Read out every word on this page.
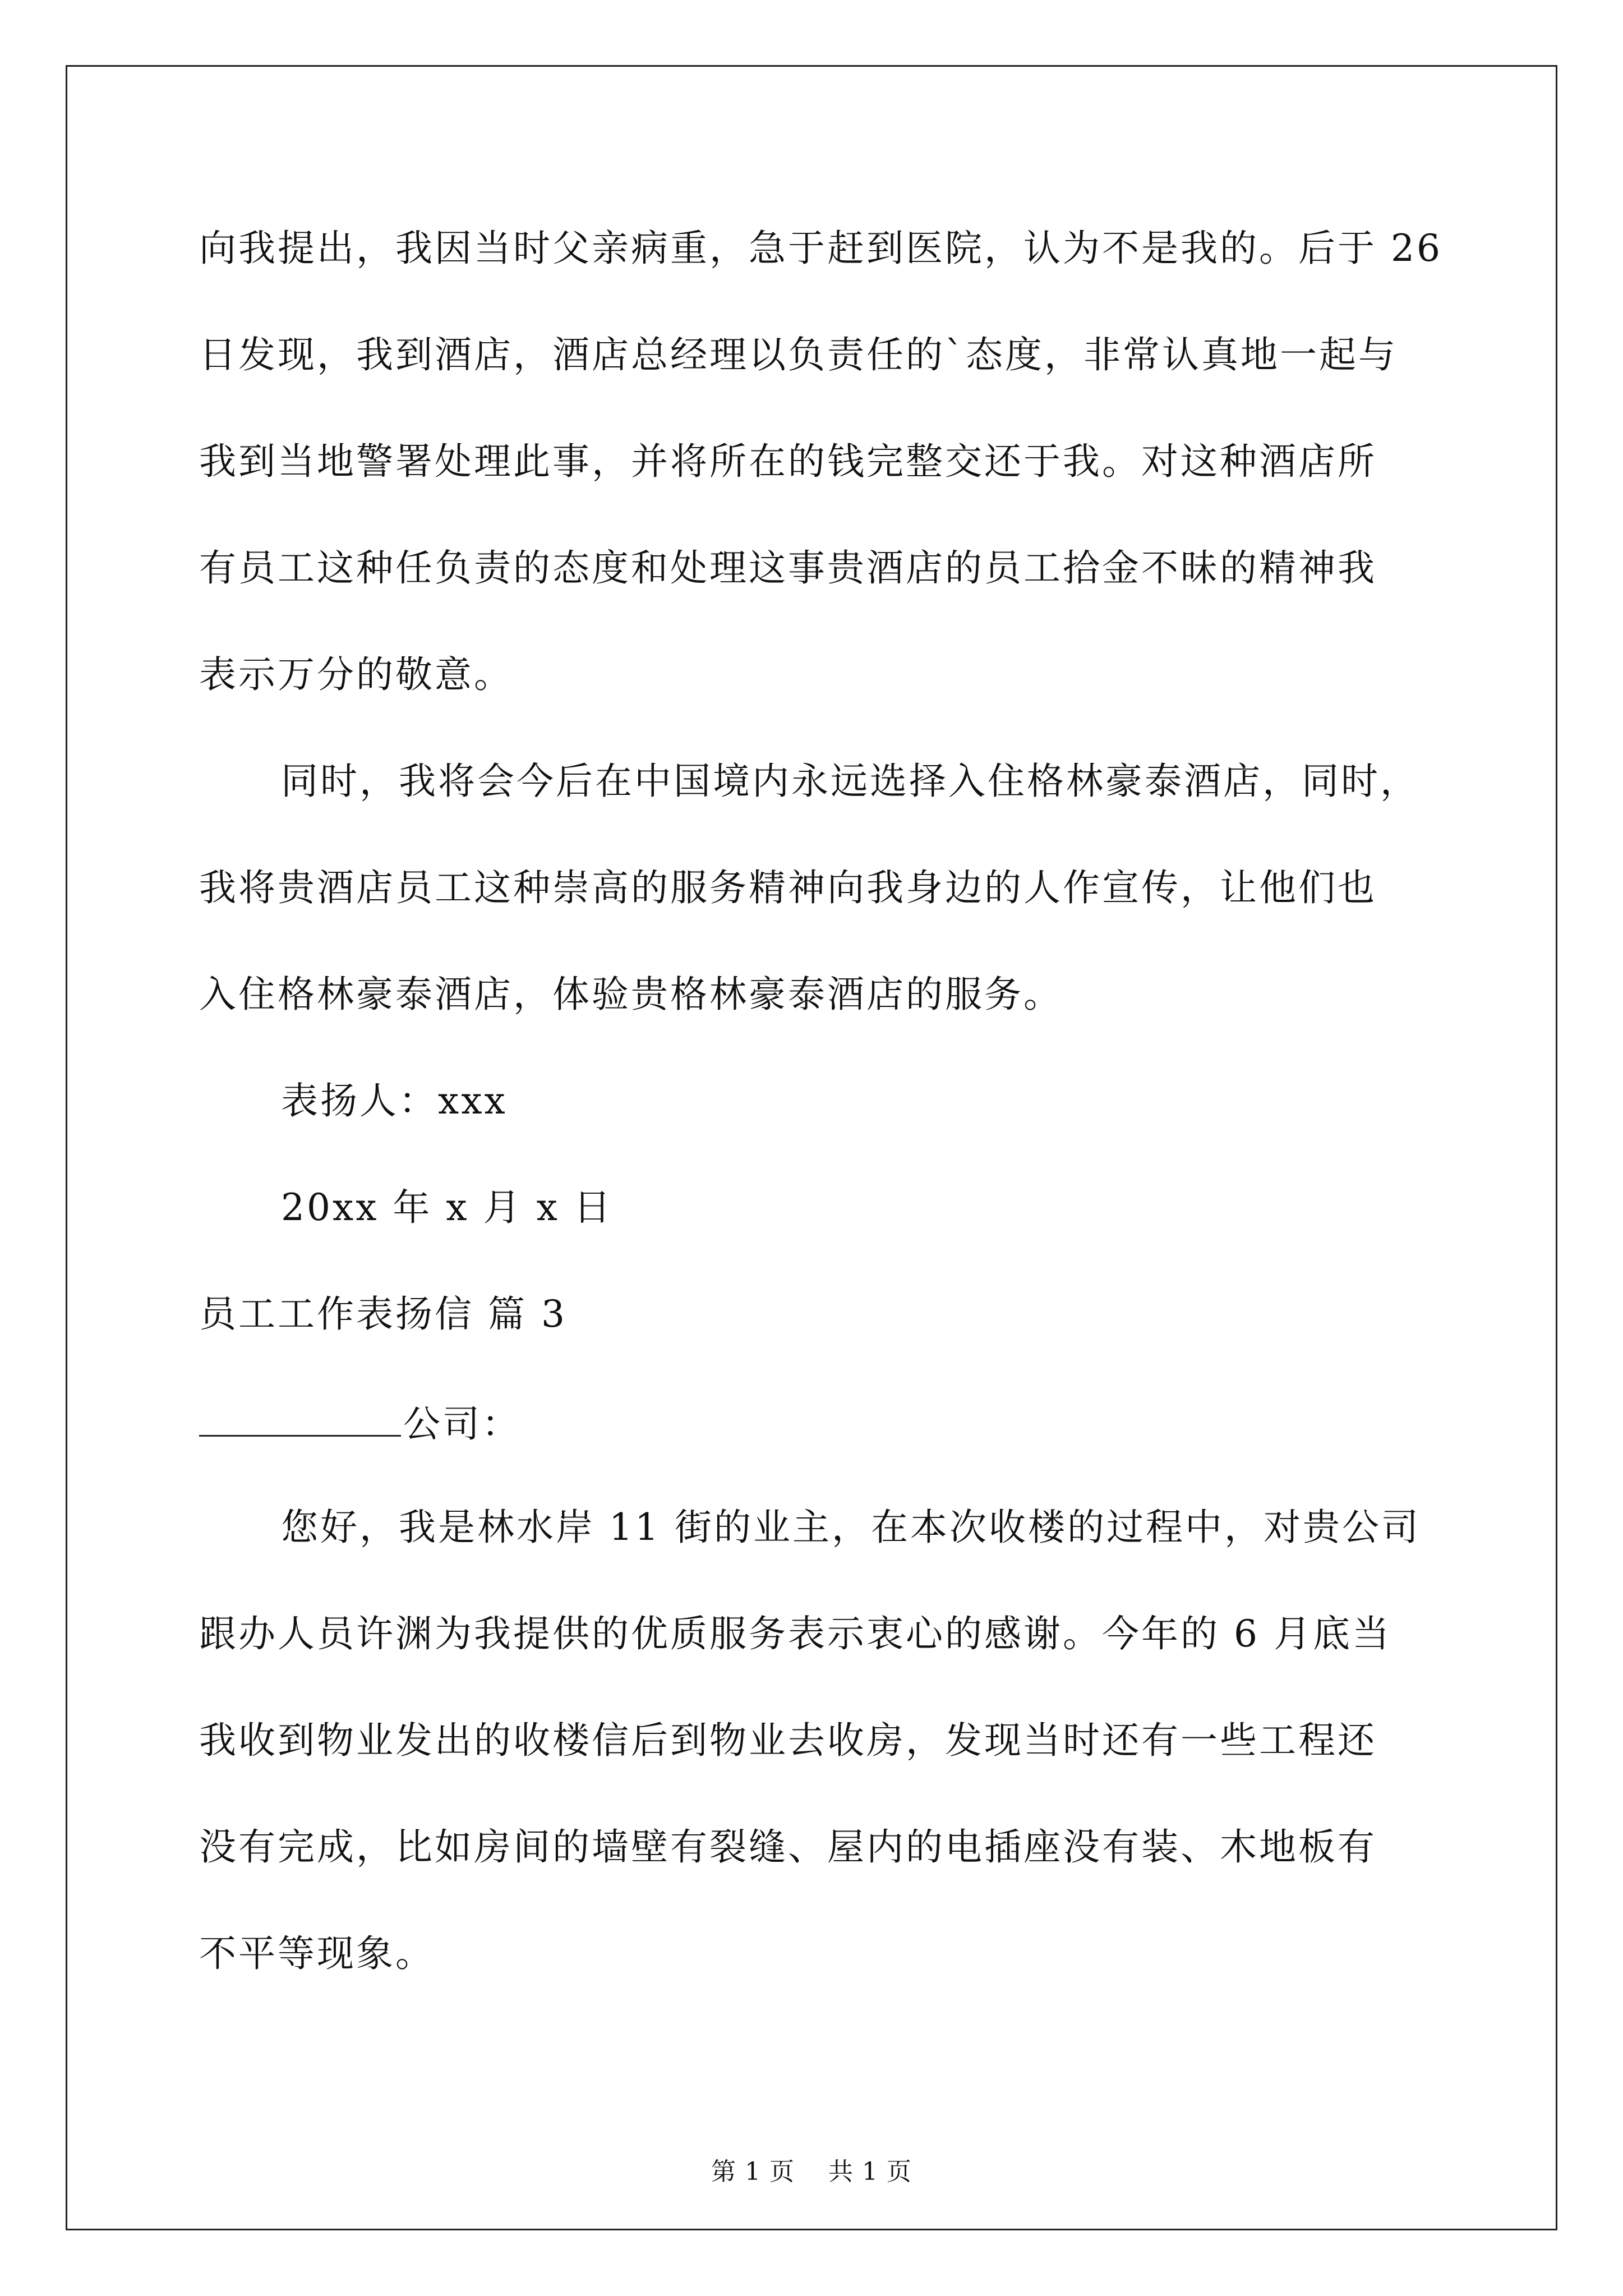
向我提出，我因当时父亲病重，急于赶到医院，认为不是我的。后于 26
日发现，我到酒店，酒店总经理以负责任的`态度，非常认真地一起与
我到当地警署处理此事，并将所在的钱完整交还于我。对这种酒店所
有员工这种任负责的态度和处理这事贵酒店的员工拾金不昧的精神我
表示万分的敬意。
同时，我将会今后在中国境内永远选择入住格林豪泰酒店，同时，
我将贵酒店员工这种崇高的服务精神向我身边的人作宣传，让他们也
入住格林豪泰酒店，体验贵格林豪泰酒店的服务。
表扬人：xxx
20xx 年 x 月 x 日
员工工作表扬信 篇 3
公司：
您好，我是林水岸 11 街的业主，在本次收楼的过程中，对贵公司
跟办人员许渊为我提供的优质服务表示衷心的感谢。今年的 6 月底当
我收到物业发出的收楼信后到物业去收房，发现当时还有一些工程还
没有完成，比如房间的墙壁有裂缝、屋内的电插座没有装、木地板有
不平等现象。
第 1 页    共 1 页
